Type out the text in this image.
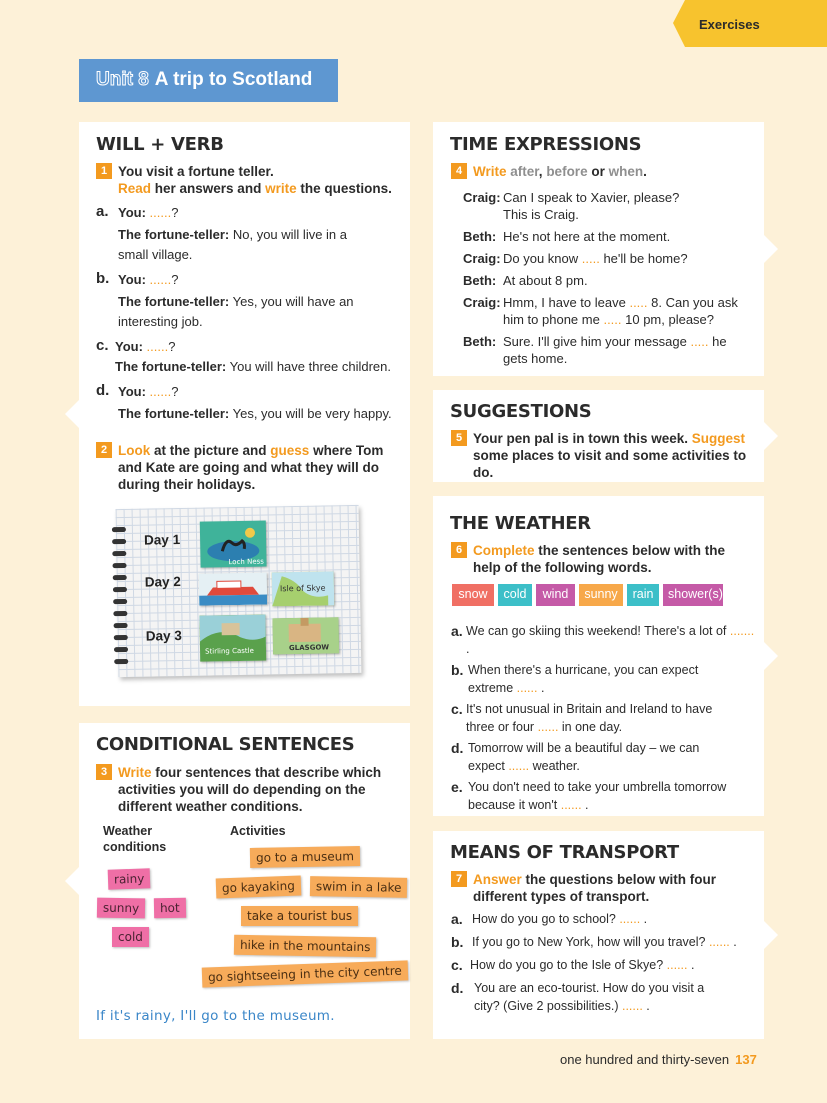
Exercises
Unit 8 A trip to Scotland
WILL + VERB
1 You visit a fortune teller.
Read her answers and write the questions.
a. You: ......?
The fortune-teller: No, you will live in a
small village.
b. You: ......?
The fortune-teller: Yes, you will have an
interesting job.
c. You: ......?
The fortune-teller: You will have three children.
d. You: ......?
The fortune-teller: Yes, you will be very happy.
2 Look at the picture and guess where Tom
and Kate are going and what they will do
during their holidays.
Day 1
Day 2
Day 3
Loch Ness
Isle of Skye
Stirling Castle	GLASGOW
CONDITIONAL SENTENCES
3 Write four sentences that describe which
activities you will do depending on the
different weather conditions.
Weather
conditions
Activities
rainy
sunny	hot
cold
go to a museum
go kayaking	swim in a lake
take a tourist bus
hike in the mountains
go sightseeing in the city centre
If it's rainy, I'll go to the museum.
TIME EXPRESSIONS
4 Write after, before or when.
Craig: Can I speak to Xavier, please?
This is Craig.
Beth: He's not here at the moment.
Craig: Do you know ..... he'll be home?
Beth: At about 8 pm.
Craig: Hmm, I have to leave ..... 8. Can you ask
him to phone me ..... 10 pm, please?
Beth: Sure. I'll give him your message ..... he
gets home.
SUGGESTIONS
5 Your pen pal is in town this week. Suggest
some places to visit and some activities to do.
THE WEATHER
6 Complete the sentences below with the
help of the following words.
a. We can go skiing this weekend! There's a lot of ....... .
b. When there's a hurricane, you can expect
extreme ...... .
c. It's not unusual in Britain and Ireland to have
three or four ...... in one day.
d. Tomorrow will be a beautiful day – we can
expect ...... weather.
e. You don't need to take your umbrella tomorrow
because it won't ...... .
snow	cold	wind	sunny	rain	shower(s)
MEANS OF TRANSPORT
7 Answer the questions below with four
different types of transport.
a. How do you go to school? ...... .
b. If you go to New York, how will you travel? ...... .
c. How do you go to the Isle of Skye? ...... .
d. You are an eco-tourist. How do you visit a
city? (Give 2 possibilities.) ...... .
one hundred and thirty-seven 137
